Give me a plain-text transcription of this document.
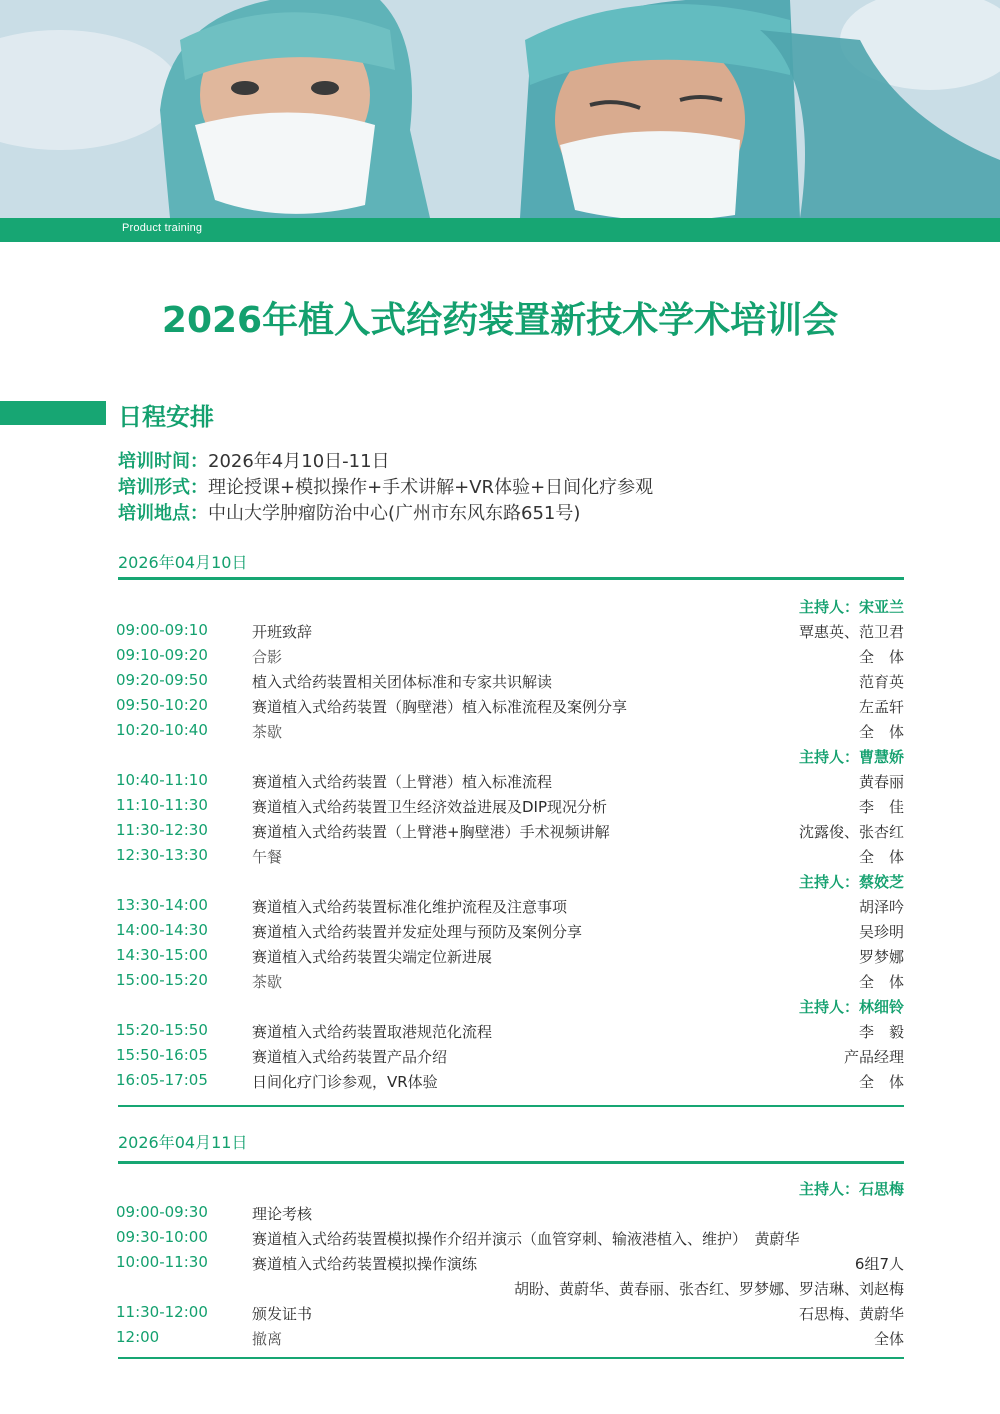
Product training
2026年植入式给药装置新技术学术培训会
日程安排
培训时间：2026年4月10日-11日
培训形式：理论授课+模拟操作+手术讲解+VR体验+日间化疗参观
培训地点：中山大学肿瘤防治中心(广州市东风东路651号)
2026年04月10日
主持人：宋亚兰
09:00-09:10	开班致辞	覃惠英、范卫君
09:10-09:20	合影	全　体
09:20-09:50	植入式给药装置相关团体标准和专家共识解读	范育英
09:50-10:20	赛道植入式给药装置（胸壁港）植入标准流程及案例分享	左孟轩
10:20-10:40	茶歇	全　体
主持人：曹慧娇
10:40-11:10	赛道植入式给药装置（上臂港）植入标准流程	黄春丽
11:10-11:30	赛道植入式给药装置卫生经济效益进展及DIP现况分析	李　佳
11:30-12:30	赛道植入式给药装置（上臂港+胸壁港）手术视频讲解	沈露俊、张杏红
12:30-13:30	午餐	全　体
主持人：蔡姣芝
13:30-14:00	赛道植入式给药装置标准化维护流程及注意事项	胡泽吟
14:00-14:30	赛道植入式给药装置并发症处理与预防及案例分享	吴珍明
14:30-15:00	赛道植入式给药装置尖端定位新进展	罗梦娜
15:00-15:20	茶歇	全　体
主持人：林细铃
15:20-15:50	赛道植入式给药装置取港规范化流程	李　毅
15:50-16:05	赛道植入式给药装置产品介绍	产品经理
16:05-17:05	日间化疗门诊参观，VR体验	全　体
2026年04月11日
主持人：石思梅
09:00-09:30	理论考核
09:30-10:00	赛道植入式给药装置模拟操作介绍并演示（血管穿刺、输液港植入、维护）　黄蔚华
10:00-11:30	赛道植入式给药装置模拟操作演练	6组7人
胡盼、黄蔚华、黄春丽、张杏红、罗梦娜、罗洁琳、刘赵梅
11:30-12:00	颁发证书	石思梅、黄蔚华
12:00	撤离	全体
